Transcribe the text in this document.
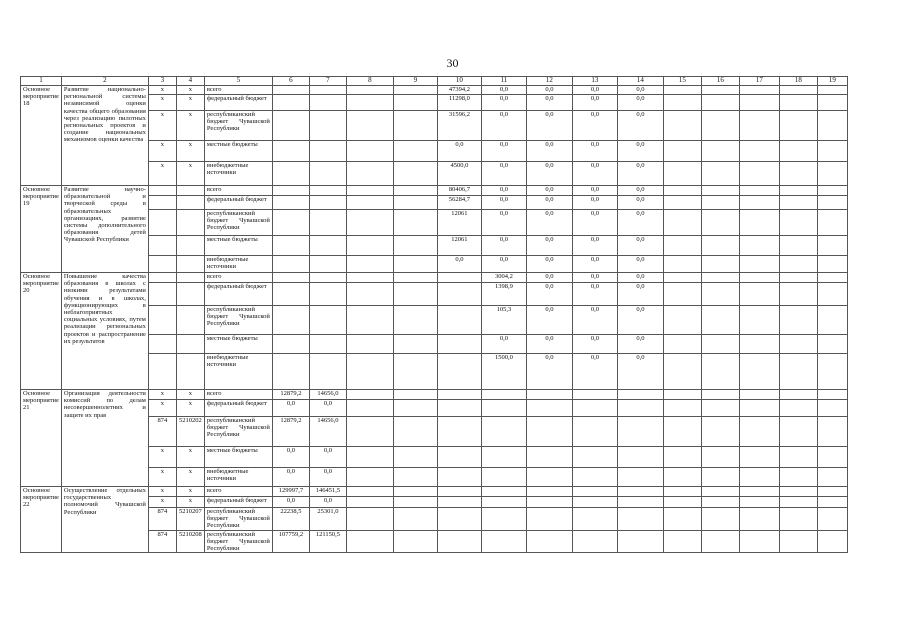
30
1	2	3	4	5	6	7	8	9	10	11	12	13	14	15	16	17	18	19
Основное мероприятие 18	Развитие национально-региональной системы независимой оценки качества общего образования через реализацию пилотных региональных проектов и создание национальных механизмов оценки качества	x	x	всего					47394,2	0,0	0,0	0,0	0,0					
		x	x	федеральный бюджет					11298,0	0,0	0,0	0,0	0,0					
		x	x	республиканский бюджет Чувашской Республики					31596,2	0,0	0,0	0,0	0,0					
		x	x	местные бюджеты					0,0	0,0	0,0	0,0	0,0					
		x	x	внебюджетные источники					4500,0	0,0	0,0	0,0	0,0					
Основное мероприятие 19	Развитие научно-образовательной и творческой среды в образовательных организациях, развитие системы дополнительного образования детей Чувашской Республики			всего					80406,7	0,0	0,0	0,0	0,0					
				федеральный бюджет					56284,7	0,0	0,0	0,0	0,0					
				республиканский бюджет Чувашской Республики					12061	0,0	0,0	0,0	0,0					
				местные бюджеты					12061	0,0	0,0	0,0	0,0					
				внебюджетные источники					0,0	0,0	0,0	0,0	0,0					
Основное мероприятие 20	Повышение качества образования в школах с низкими результатами обучения и в школах, функционирующих в неблагоприятных социальных условиях, путем реализации региональных проектов и распространение их результатов			всего						3004,2	0,0	0,0	0,0					
				федеральный бюджет						1398,9	0,0	0,0	0,0					
				республиканский бюджет Чувашской Республики						105,3	0,0	0,0	0,0					
				местные бюджеты						0,0	0,0	0,0	0,0					
				внебюджетные источники						1500,0	0,0	0,0	0,0					
Основное мероприятие 21	Организация деятельности комиссий по делам несовершеннолетних и защите их прав	x	x	всего	12879,2	14656,0												
		x	x	федеральный бюджет	0,0	0,0												
		874	5210202	республиканский бюджет Чувашской Республики	12879,2	14656,0												
		x	x	местные бюджеты	0,0	0,0												
		x	x	внебюджетные источники	0,0	0,0												
Основное мероприятие 22	Осуществление отдельных государственных полномочий Чувашской Республики	x	x	всего	129997,7	146451,5												
		x	x	федеральный бюджет	0,0	0,0												
		874	5210207	республиканский бюджет Чувашской Республики	22238,5	25301,0												
		874	5210208	республиканский бюджет Чувашской Республики	107759,2	121150,5												
